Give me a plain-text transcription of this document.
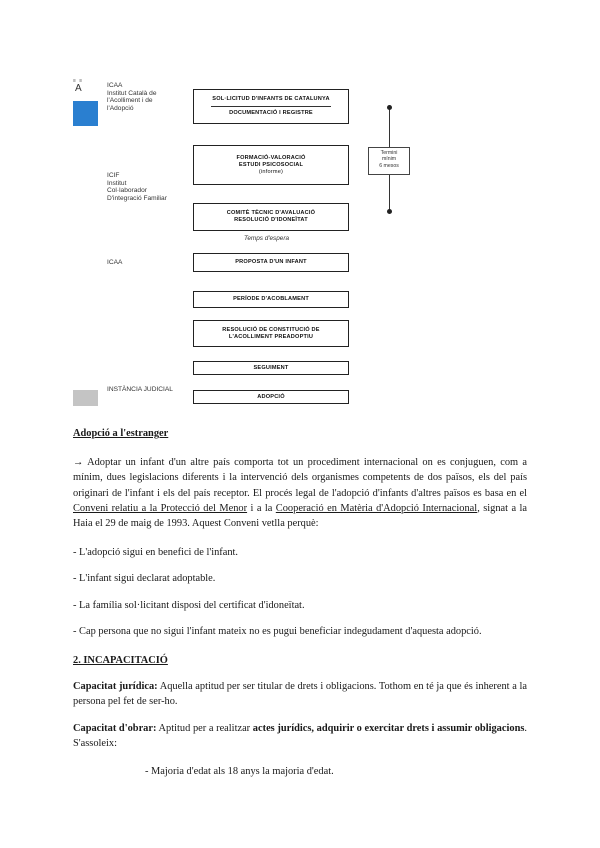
≡ ≡
A	ICAA
Institut Català de
l'Acolliment i de
l'Adopció
ICIF
Institut
Col·laborador
D'integració Familiar
ICAA
INSTÀNCIA JUDICIAL
SOL·LICITUD D'INFANTS DE CATALUNYA
DOCUMENTACIÓ I REGISTRE
FORMACIÓ-VALORACIÓ
ESTUDI PSICOSOCIAL
(informe)
COMITÈ TÈCNIC D'AVALUACIÓ
RESOLUCIÓ D'IDONEÏTAT
Temps d'espera
PROPOSTA D'UN INFANT
PERÍODE D'ACOBLAMENT
RESOLUCIÓ DE CONSTITUCIÓ DE
L'ACOLLIMENT PREADOPTIU
SEGUIMENT
ADOPCIÓ
Termini
mínim
6 mesos

Adopció a l'estranger

→ Adoptar un infant d'un altre país comporta tot un procediment internacional on es conjuguen, com a mínim, dues legislacions diferents i la intervenció dels organismes competents de dos països, els del país originari de l'infant i els del país receptor. El procés legal de l'adopció d'infants d'altres països es basa en el Conveni relatiu a la Protecció del Menor i a la Cooperació en Matèria d'Adopció Internacional, signat a la Haia el 29 de maig de 1993. Aquest Conveni vetlla perquè:

- L'adopció sigui en benefici de l'infant.

- L'infant sigui declarat adoptable.

- La família sol·licitant disposi del certificat d'idoneïtat.

- Cap persona que no sigui l'infant mateix no es pugui beneficiar indegudament d'aquesta adopció.

2. INCAPACITACIÓ

Capacitat jurídica: Aquella aptitud per ser titular de drets i obligacions. Tothom en té ja que és inherent a la persona pel fet de ser-ho.

Capacitat d'obrar: Aptitud per a realitzar actes jurídics, adquirir o exercitar drets i assumir obligacions. S'assoleix:

- Majoria d'edat als 18 anys la majoria d'edat.
